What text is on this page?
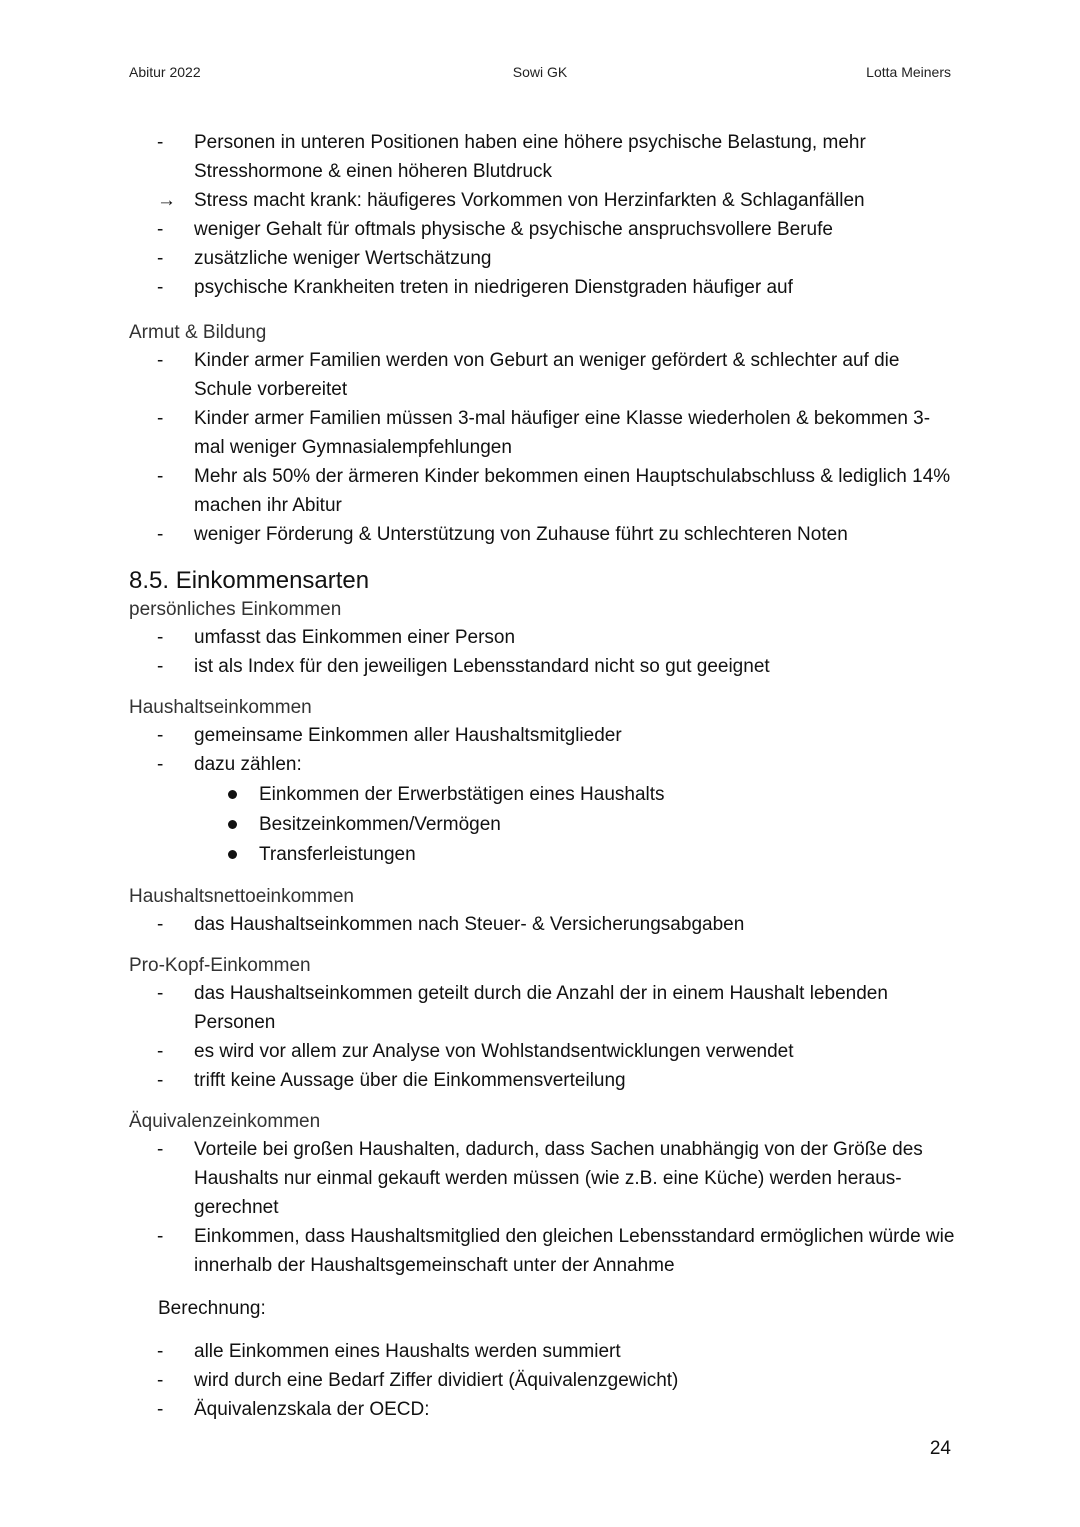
Sowi GK
Abitur 2022	Lotta Meiners
-	Personen in unteren Positionen haben eine höhere psychische Belastung, mehr Stresshormone & einen höheren Blutdruck
→ Stress macht krank: häufigeres Vorkommen von Herzinfarkten & Schlaganfällen
-	weniger Gehalt für oftmals physische & psychische anspruchsvollere Berufe
-	zusätzliche weniger Wertschätzung
-	psychische Krankheiten treten in niedrigeren Dienstgraden häufiger auf

Armut & Bildung

-	Kinder armer Familien werden von Geburt an weniger gefördert & schlechter auf die Schule vorbereitet
-	Kinder armer Familien müssen 3-mal häufiger eine Klasse wiederholen & bekommen 3-mal weniger Gymnasialempfehlungen
-	Mehr als 50% der ärmeren Kinder bekommen einen Hauptschulabschluss & lediglich 14% machen ihr Abitur
-	weniger Förderung & Unterstützung von Zuhause führt zu schlechteren Noten
8.5. Einkommensarten

persönliches Einkommen

-	umfasst das Einkommen einer Person
-	ist als Index für den jeweiligen Lebensstandard nicht so gut geeignet

Haushaltseinkommen

-	gemeinsame Einkommen aller Haushaltsmitglieder
-	dazu zählen:
Einkommen der Erwerbstätigen eines Haushalts
Besitzeinkommen/Vermögen
Transferleistungen

Haushaltsnettoeinkommen

-	das Haushaltseinkommen nach Steuer- & Versicherungsabgaben

Pro-Kopf-Einkommen

-	das Haushaltseinkommen geteilt durch die Anzahl der in einem Haushalt lebenden Personen
-	es wird vor allem zur Analyse von Wohlstandsentwicklungen verwendet
-	trifft keine Aussage über die Einkommensverteilung

Äquivalenzeinkommen

-	Vorteile bei großen Haushalten, dadurch, dass Sachen unabhängig von der Größe des Haushalts nur einmal gekauft werden müssen (wie z.B. eine Küche) werden heraus-gerechnet
-	Einkommen, dass Haushaltsmitglied den gleichen Lebensstandard ermöglichen würde wie innerhalb der Haushaltsgemeinschaft unter der Annahme

Berechnung:

-	alle Einkommen eines Haushalts werden summiert
-	wird durch eine Bedarf Ziffer dividiert (Äquivalenzgewicht)
-	Äquivalenzskala der OECD:
24
